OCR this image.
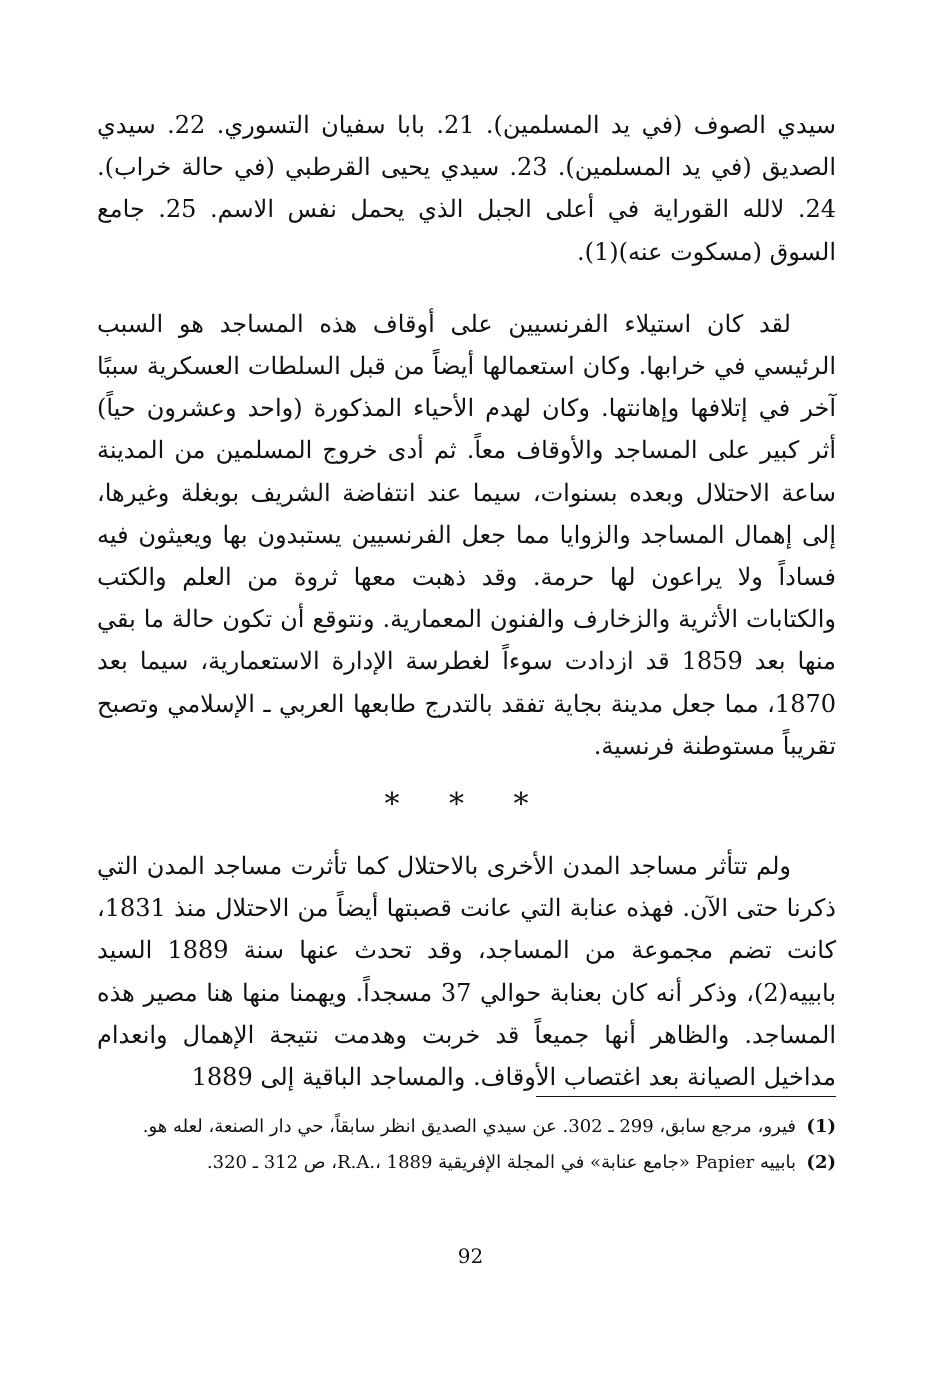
سيدي الصوف (في يد المسلمين). 21. بابا سفيان التسوري. 22. سيدي الصديق (في يد المسلمين). 23. سيدي يحيى القرطبي (في حالة خراب). 24. لالله القوراية في أعلى الجبل الذي يحمل نفس الاسم. 25. جامع السوق (مسكوت عنه)(1).

لقد كان استيلاء الفرنسيين على أوقاف هذه المساجد هو السبب الرئيسي في خرابها. وكان استعمالها أيضاً من قبل السلطات العسكرية سببًا آخر في إتلافها وإهانتها. وكان لهدم الأحياء المذكورة (واحد وعشرون حياً) أثر كبير على المساجد والأوقاف معاً. ثم أدى خروج المسلمين من المدينة ساعة الاحتلال وبعده بسنوات، سيما عند انتفاضة الشريف بوبغلة وغيرها، إلى إهمال المساجد والزوايا مما جعل الفرنسيين يستبدون بها ويعيثون فيه فساداً ولا يراعون لها حرمة. وقد ذهبت معها ثروة من العلم والكتب والكتابات الأثرية والزخارف والفنون المعمارية. ونتوقع أن تكون حالة ما بقي منها بعد 1859 قد ازدادت سوءاً لغطرسة الإدارة الاستعمارية، سيما بعد 1870، مما جعل مدينة بجاية تفقد بالتدرج طابعها العربي ـ الإسلامي وتصبح تقريباً مستوطنة فرنسية.

* * *

ولم تتأثر مساجد المدن الأخرى بالاحتلال كما تأثرت مساجد المدن التي ذكرنا حتى الآن. فهذه عنابة التي عانت قصبتها أيضاً من الاحتلال منذ 1831، كانت تضم مجموعة من المساجد، وقد تحدث عنها سنة 1889 السيد بابييه(2)، وذكر أنه كان بعنابة حوالي 37 مسجداً. ويهمنا منها هنا مصير هذه المساجد. والظاهر أنها جميعاً قد خربت وهدمت نتيجة الإهمال وانعدام مداخيل الصيانة بعد اغتصاب الأوقاف. والمساجد الباقية إلى 1889

(1)
فيرو، مرجع سابق، 299 ـ 302. عن سيدي الصديق انظر سابقاً، حي دار الصنعة، لعله هو.
(2)
بابييه Papier «جامع عنابة» في المجلة الإفريقية R.A.، 1889، ص 312 ـ 320.
92
